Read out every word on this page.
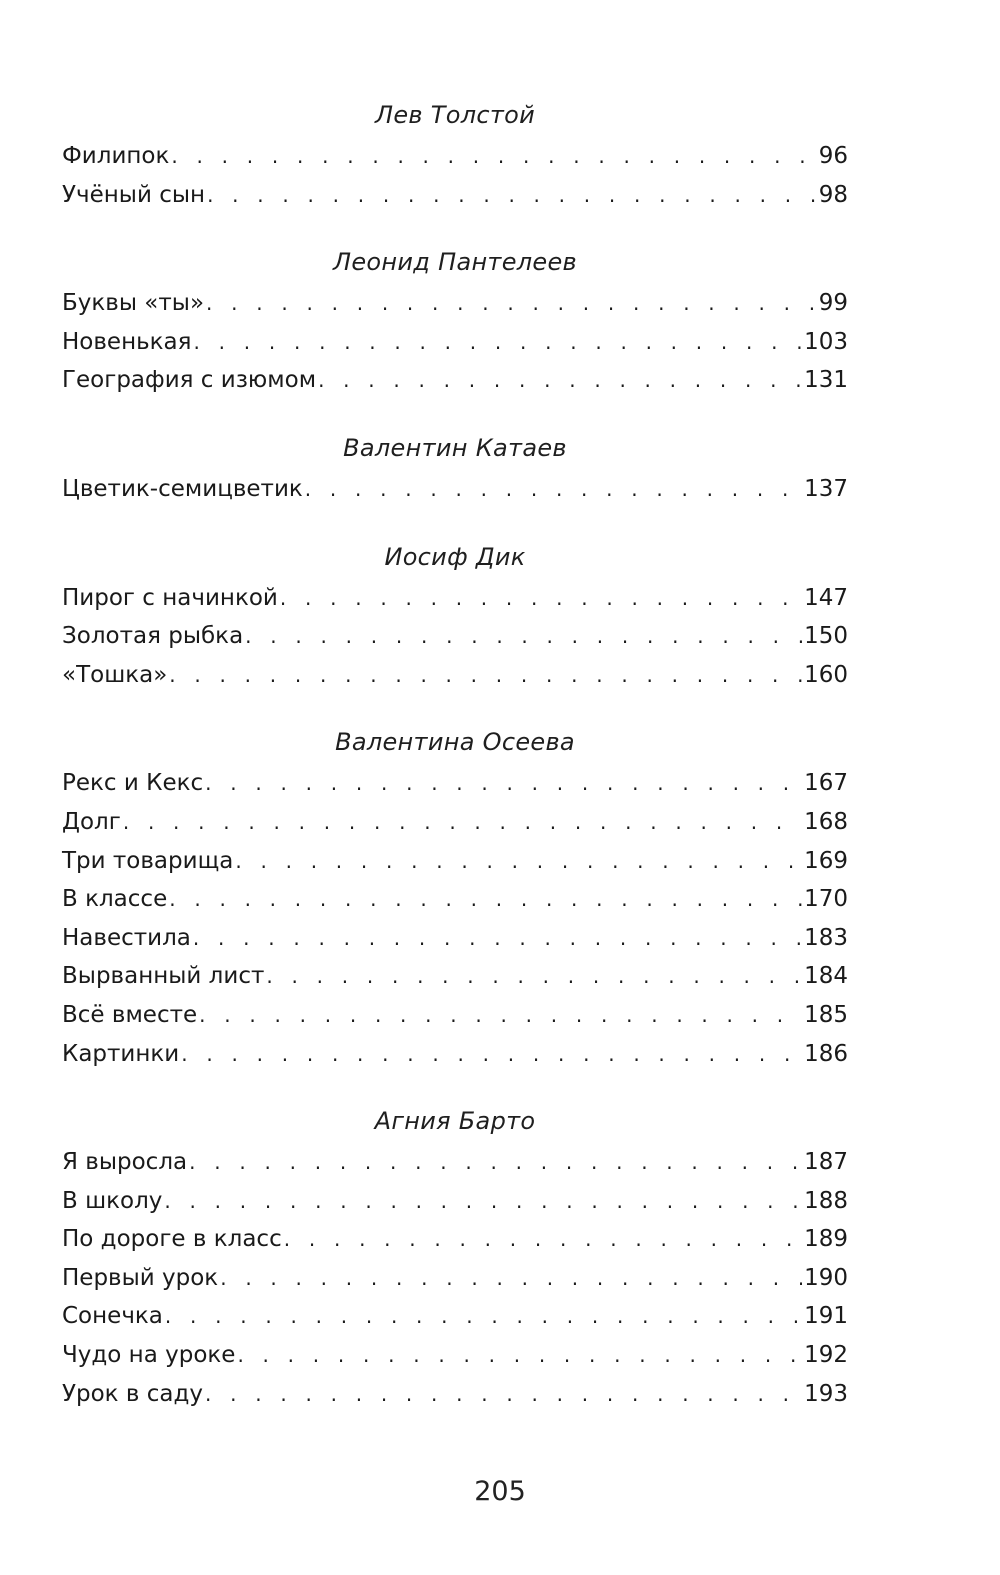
Лев Толстой
Филипок . . .	96
Учёный сын . . .	98
Леонид Пантелеев
Буквы «ты» . . .	99
Новенькая . . .	103
География с изюмом . . .	131
Валентин Катаев
Цветик-семицветик . . .	137
Иосиф Дик
Пирог с начинкой . . .	147
Золотая рыбка . . .	150
«Тошка» . . .	160
Валентина Осеева
Рекс и Кекс . . .	167
Долг . . .	168
Три товарища . . .	169
В классе . . .	170
Навестила . . .	183
Вырванный лист . . .	184
Всё вместе . . .	185
Картинки . . .	186
Агния Барто
Я выросла . . .	187
В школу . . .	188
По дороге в класс . . .	189
Первый урок . . .	190
Сонечка . . .	191
Чудо на уроке . . .	192
Урок в саду . . .	193
205
